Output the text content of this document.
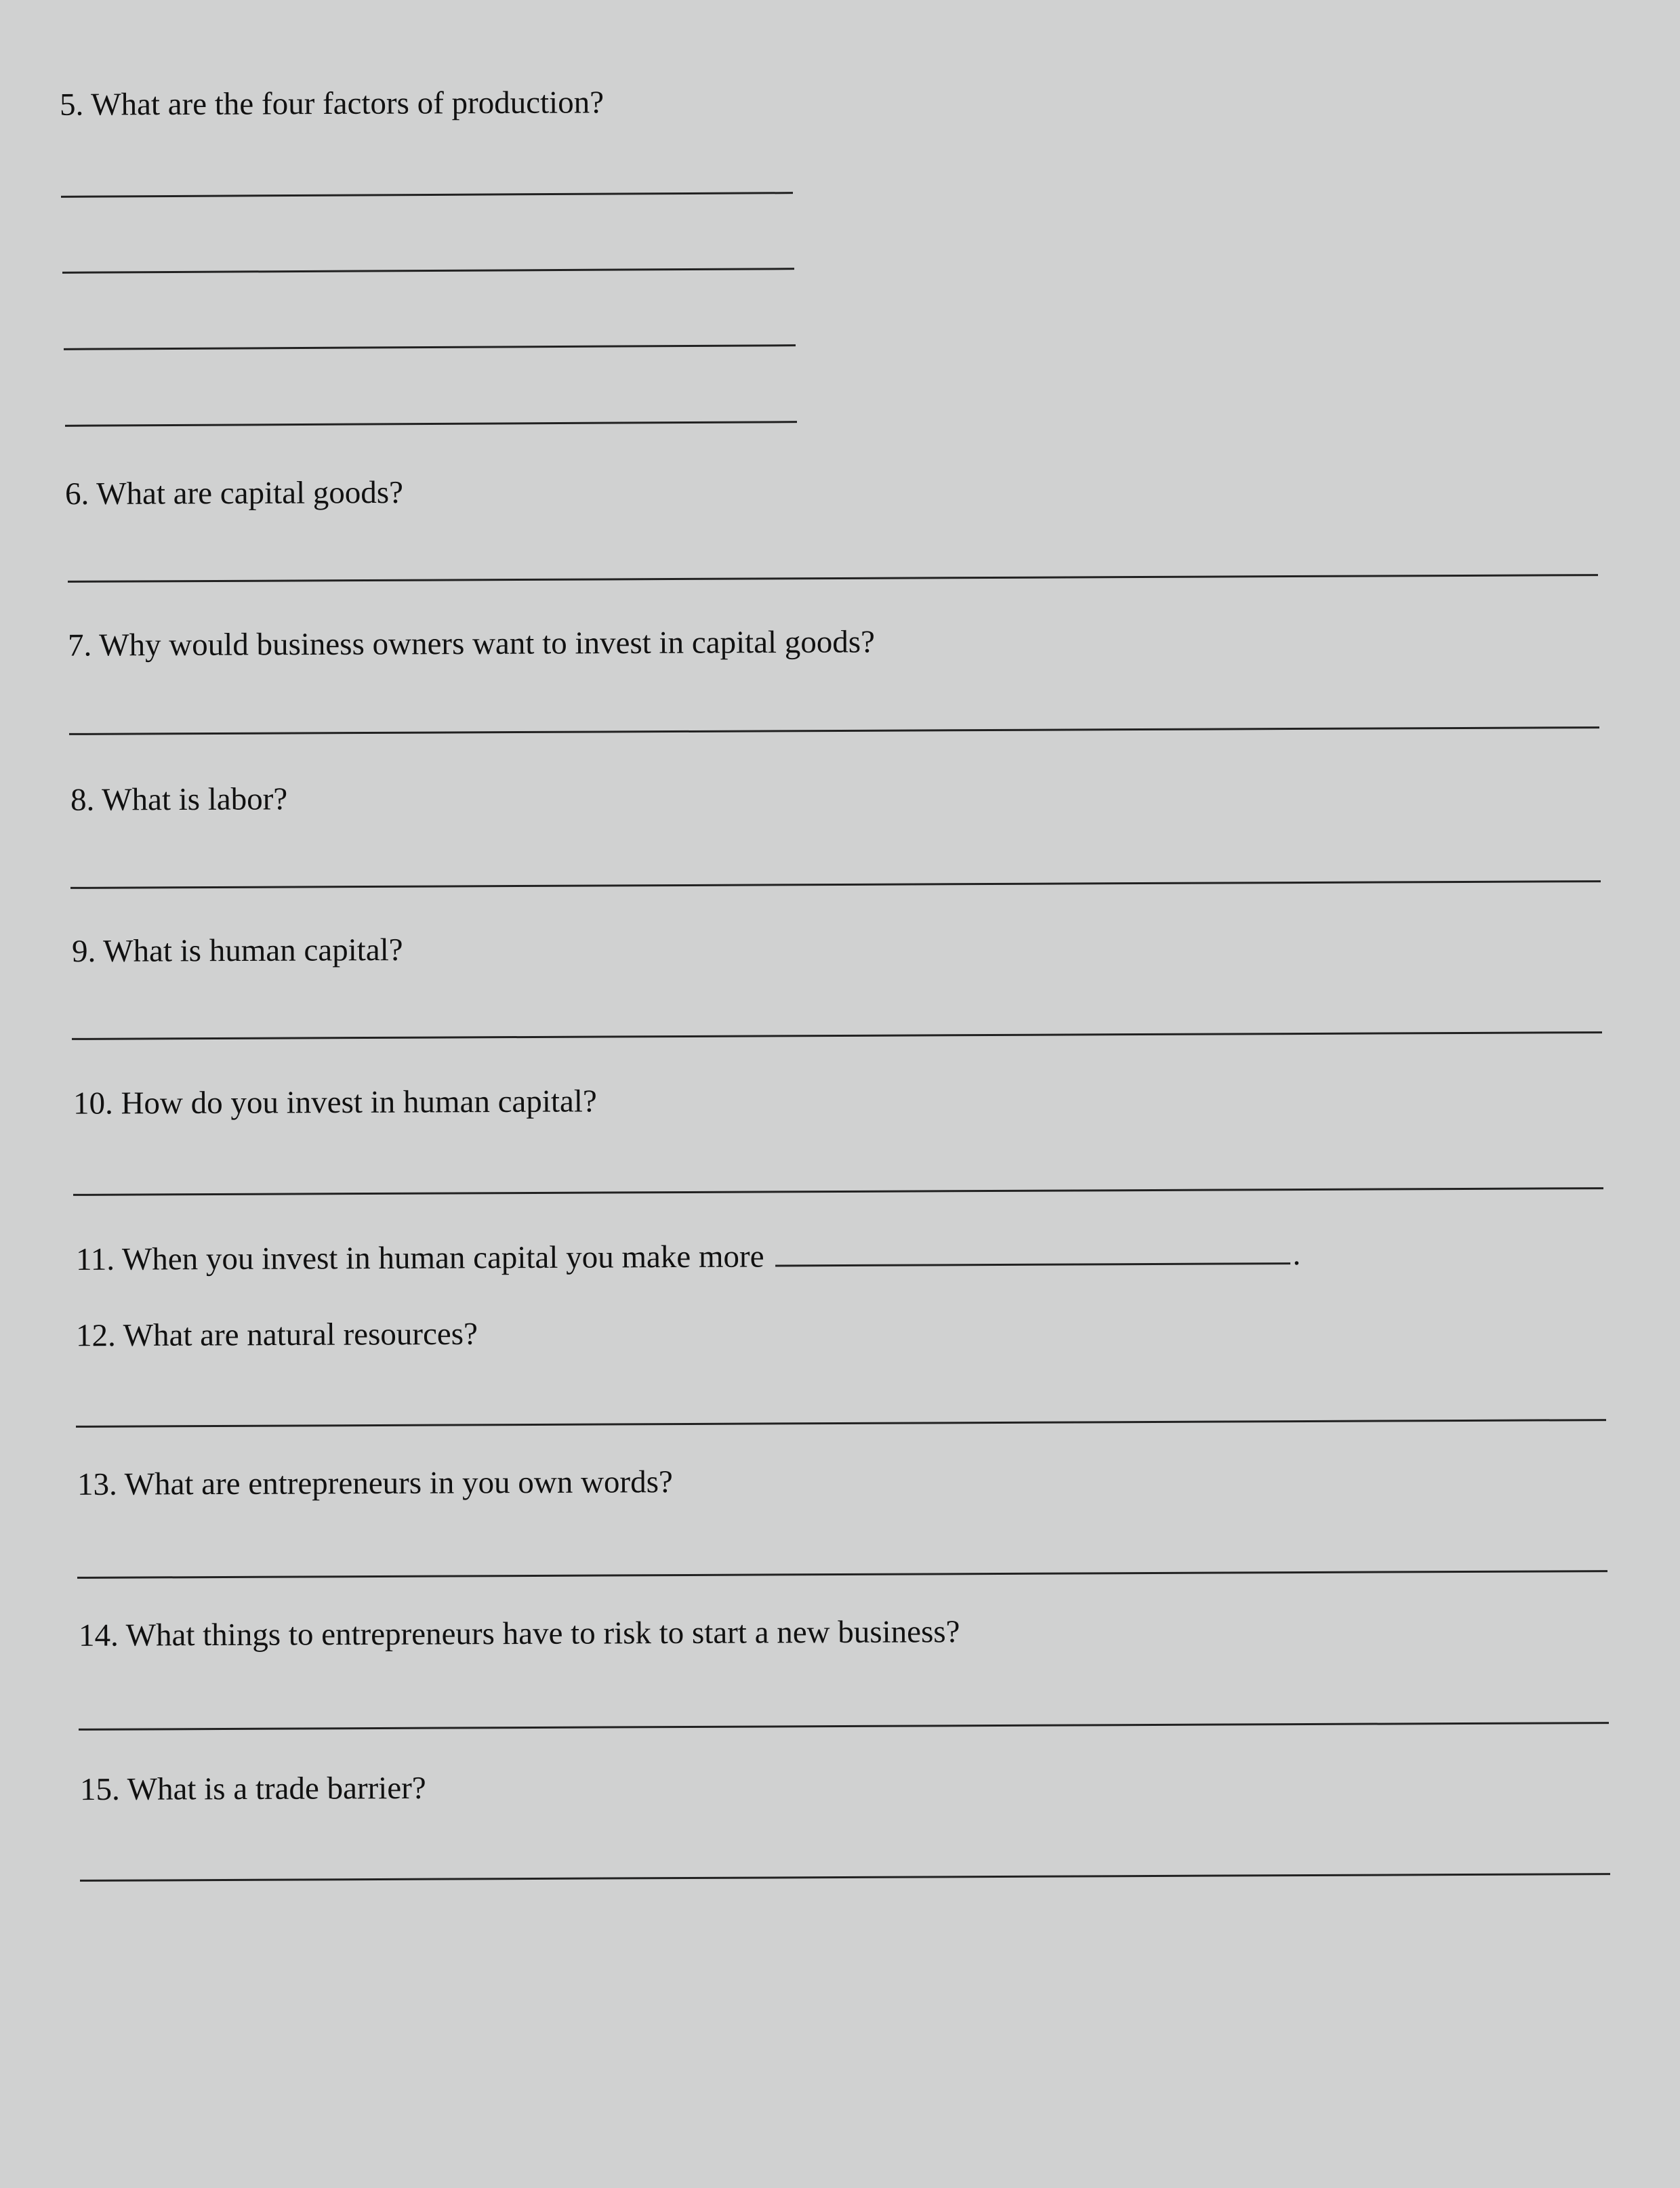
5. What are the four factors of production?
6. What are capital goods?
7. Why would business owners want to invest in capital goods?
8. What is labor?
9. What is human capital?
10. How do you invest in human capital?
11. When you invest in human capital you make more	.
12. What are natural resources?
13. What are entrepreneurs in you own words?
14. What things to entrepreneurs have to risk to start a new business?
15. What is a trade barrier?
